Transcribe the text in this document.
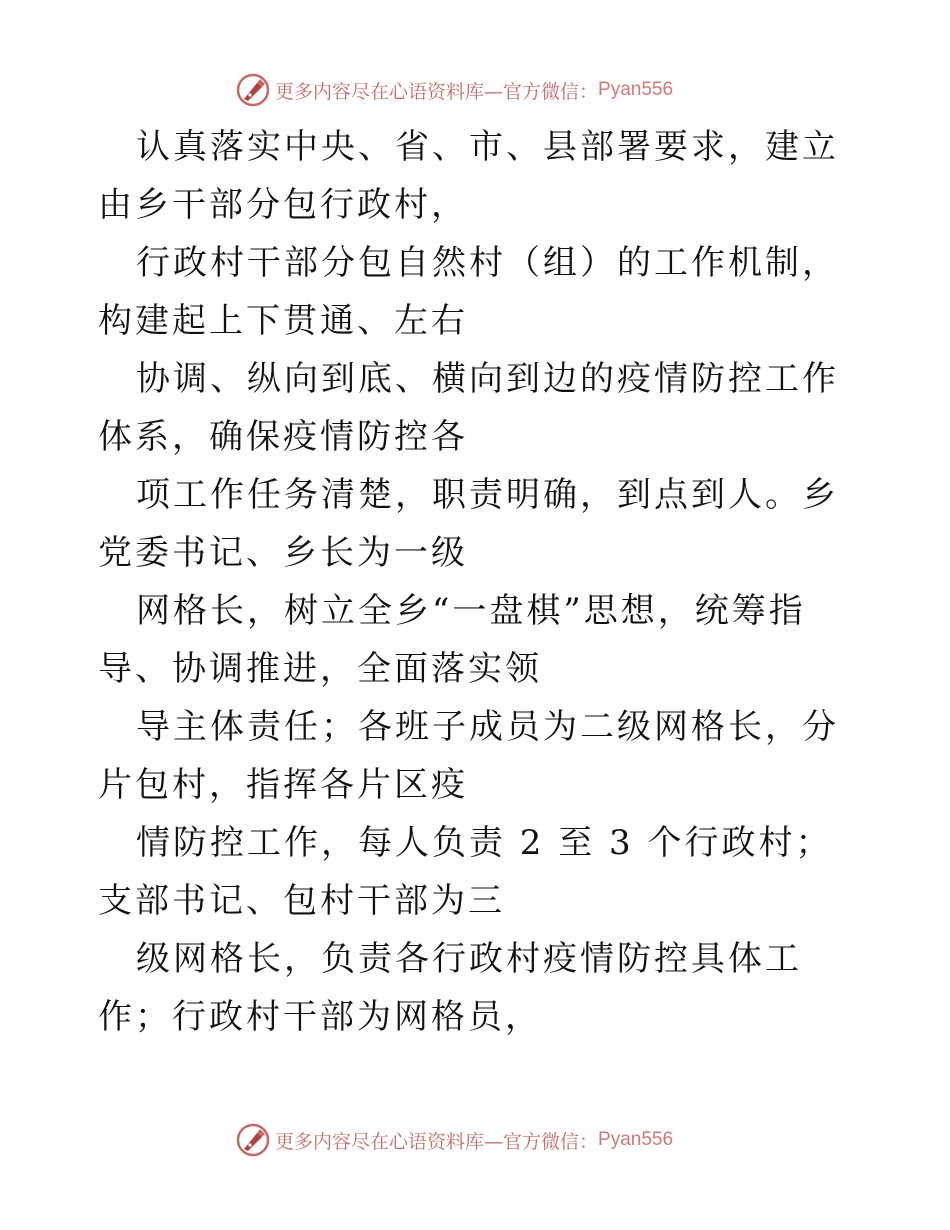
更多内容尽在心语资料库—官方微信： Pyan556

认真落实中央、省、市、县部署要求，建立由乡干部分包行政村，

行政村干部分包自然村（组）的工作机制，构建起上下贯通、左右

协调、纵向到底、横向到边的疫情防控工作体系，确保疫情防控各

项工作任务清楚，职责明确，到点到人。乡党委书记、乡长为一级

网格长，树立全乡“一盘棋”思想，统筹指导、协调推进，全面落实领

导主体责任；各班子成员为二级网格长，分片包村，指挥各片区疫

情防控工作，每人负责 2 至 3 个行政村；支部书记、包村干部为三

级网格长，负责各行政村疫情防控具体工作；行政村干部为网格员，

更多内容尽在心语资料库—官方微信： Pyan556
